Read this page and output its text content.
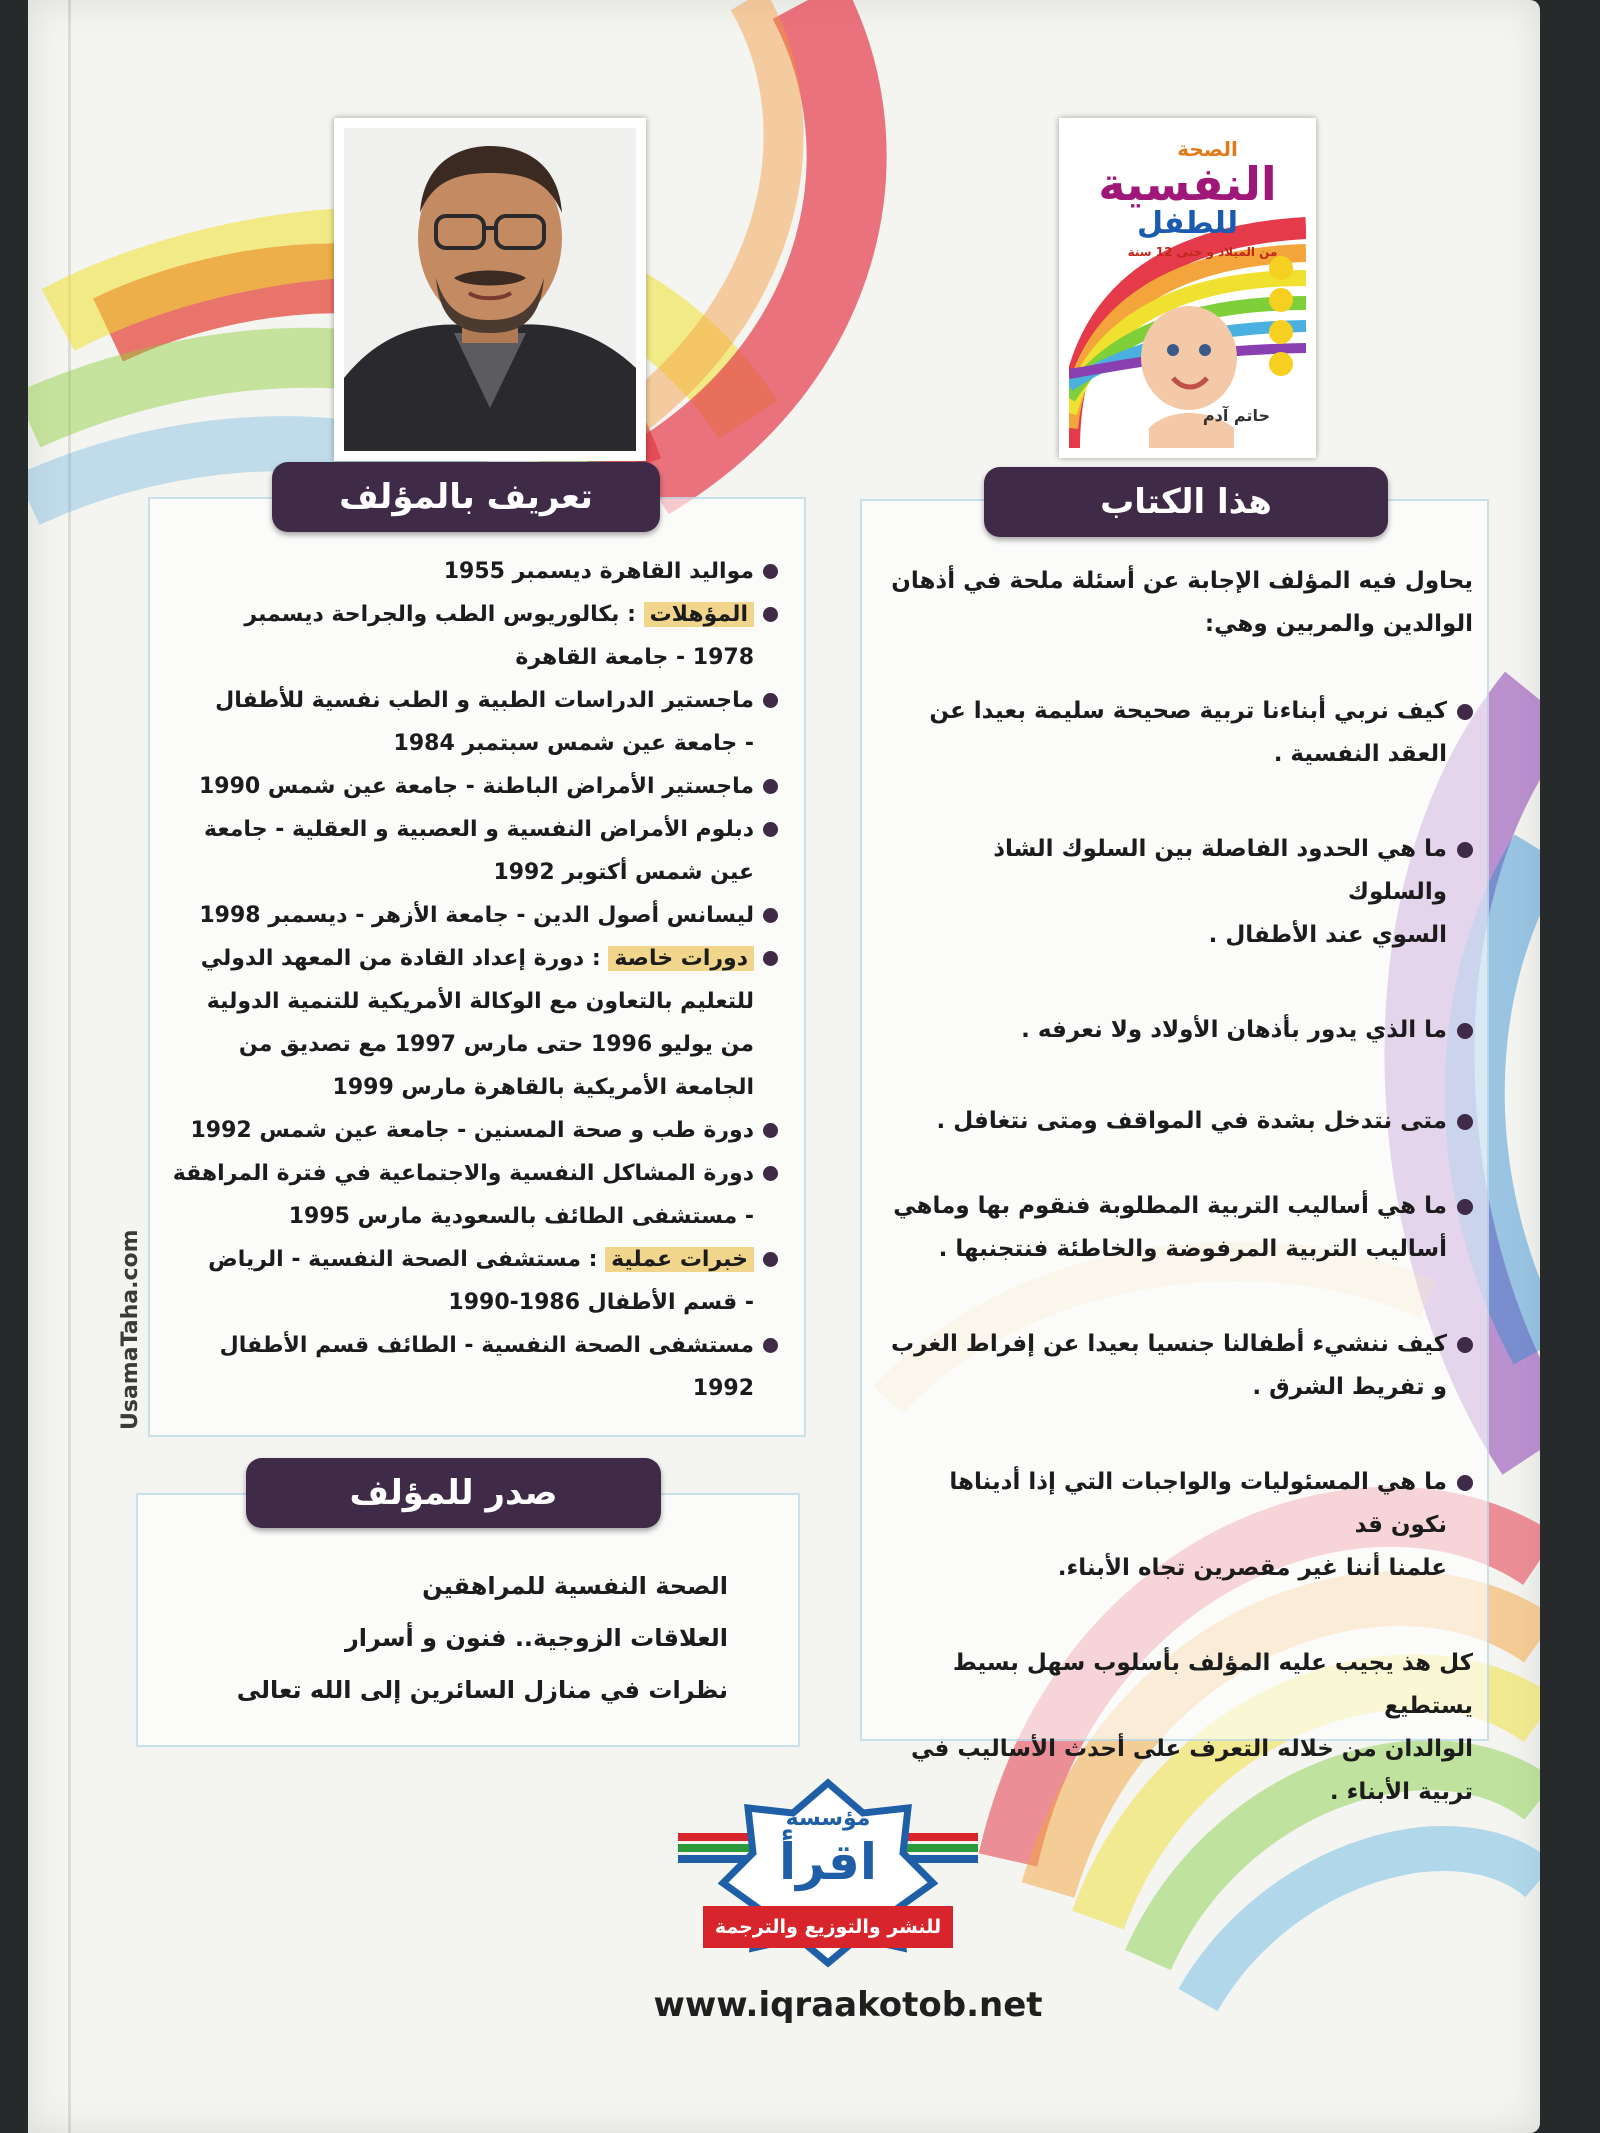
الصحة
النفسية
للطفل
من الميلاد و حتى 12 سنة
حاتم آدم
هذا الكتاب

يحاول فيه المؤلف الإجابة عن أسئلة ملحة في أذهان
الوالدين والمربين وهي:

كيف نربي أبناءنا تربية صحيحة سليمة بعيدا عن
العقد النفسية .

ما هي الحدود الفاصلة بين السلوك الشاذ والسلوك
السوي عند الأطفال .

ما الذي يدور بأذهان الأولاد ولا نعرفه .

متى نتدخل بشدة في المواقف ومتى نتغافل .

ما هي أساليب التربية المطلوبة فنقوم بها وماهي
أساليب التربية المرفوضة والخاطئة فنتجنبها .

كيف ننشيء أطفالنا جنسيا بعيدا عن إفراط الغرب
و تفريط الشرق .

ما هي المسئوليات والواجبات التي إذا أديناها نكون قد
علمنا أننا غير مقصرين تجاه الأبناء.

كل هذ يجيب عليه المؤلف بأسلوب سهل بسيط يستطيع
الوالدان من خلاله التعرف على أحدث الأساليب في
تربية الأبناء .

تعريف بالمؤلف

مواليد القاهرة ديسمبر 1955

المؤهلات : بكالوريوس الطب والجراحة ديسمبر
1978 - جامعة القاهرة

ماجستير الدراسات الطبية و الطب نفسية للأطفال
- جامعة عين شمس سبتمبر 1984

ماجستير الأمراض الباطنة - جامعة عين شمس 1990

دبلوم الأمراض النفسية و العصبية و العقلية - جامعة
عين شمس أكتوبر 1992

ليسانس أصول الدين - جامعة الأزهر - ديسمبر 1998

دورات خاصة : دورة إعداد القادة من المعهد الدولي
للتعليم بالتعاون مع الوكالة الأمريكية للتنمية الدولية
من يوليو 1996 حتى مارس 1997 مع تصديق من
الجامعة الأمريكية بالقاهرة مارس 1999

دورة طب و صحة المسنين - جامعة عين شمس 1992

دورة المشاكل النفسية والاجتماعية في فترة المراهقة
- مستشفى الطائف بالسعودية مارس 1995

خبرات عملية : مستشفى الصحة النفسية - الرياض
- قسم الأطفال 1986-1990

مستشفى الصحة النفسية - الطائف قسم الأطفال 1992

صدر للمؤلف
الصحة النفسية للمراهقين
العلاقات الزوجية.. فنون و أسرار
نظرات في منازل السائرين إلى الله تعالى
UsamaTaha.com
مؤسسة
اقرأ
للنشر والتوزيع والترجمة
www.iqraakotob.net
